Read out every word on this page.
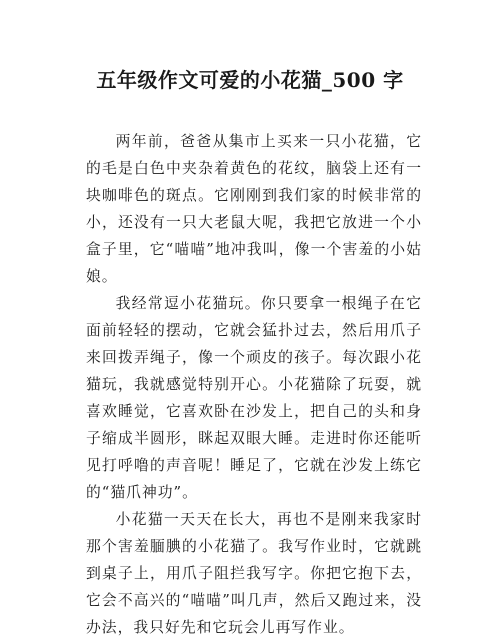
五年级作文可爱的小花猫_500 字

两年前，爸爸从集市上买来一只小花猫，它的毛是白色中夹杂着黄色的花纹，脑袋上还有一块咖啡色的斑点。它刚刚到我们家的时候非常的小，还没有一只大老鼠大呢，我把它放进一个小盒子里，它“喵喵”地冲我叫，像一个害羞的小姑娘。

我经常逗小花猫玩。你只要拿一根绳子在它面前轻轻的摆动，它就会猛扑过去，然后用爪子来回拨弄绳子，像一个顽皮的孩子。每次跟小花猫玩，我就感觉特别开心。小花猫除了玩耍，就喜欢睡觉，它喜欢卧在沙发上，把自己的头和身子缩成半圆形，眯起双眼大睡。走进时你还能听见打呼噜的声音呢！睡足了，它就在沙发上练它的“猫爪神功”。

小花猫一天天在长大，再也不是刚来我家时那个害羞腼腆的小花猫了。我写作业时，它就跳到桌子上，用爪子阻拦我写字。你把它抱下去，它会不高兴的“喵喵”叫几声，然后又跑过来，没办法，我只好先和它玩会儿再写作业。
